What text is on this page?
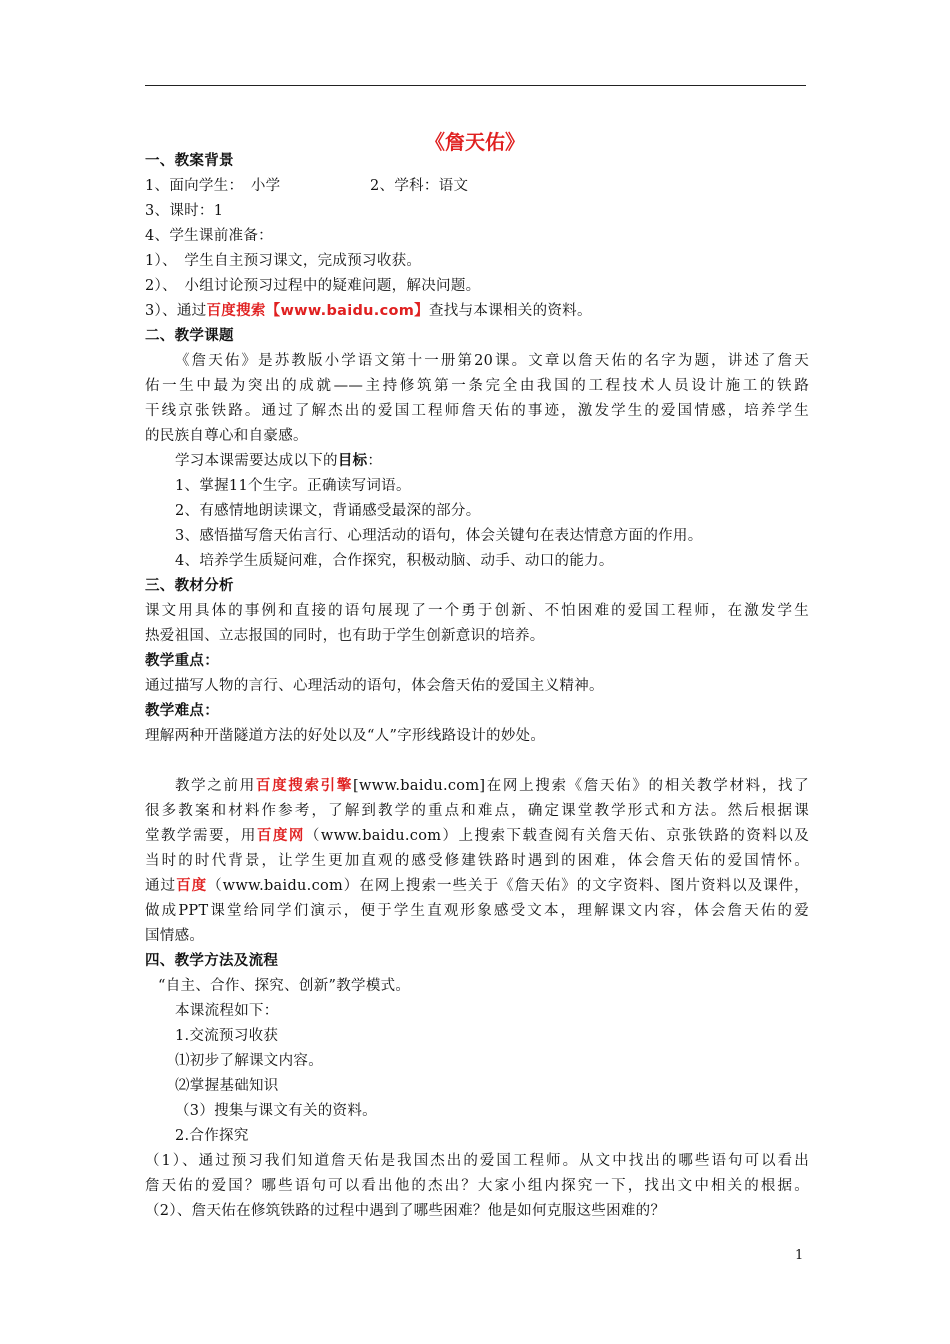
《詹天佑》
一、教案背景
1、面向学生：　小学	2、学科：语文
3、课时：1
4、学生课前准备：
1）、　学生自主预习课文，完成预习收获。
2）、　小组讨论预习过程中的疑难问题，解决问题。
3）、通过百度搜索【www.baidu.com】查找与本课相关的资料。
二、教学课题
《詹天佑》是苏教版小学语文第十一册第20课。文章以詹天佑的名字为题，讲述了詹天
佑一生中最为突出的成就——主持修筑第一条完全由我国的工程技术人员设计施工的铁路
干线京张铁路。通过了解杰出的爱国工程师詹天佑的事迹，激发学生的爱国情感，培养学生
的民族自尊心和自豪感。
学习本课需要达成以下的目标：
1、掌握11个生字。正确读写词语。
2、有感情地朗读课文，背诵感受最深的部分。
3、感悟描写詹天佑言行、心理活动的语句，体会关键句在表达情意方面的作用。
4、培养学生质疑问难，合作探究，积极动脑、动手、动口的能力。
三、教材分析
课文用具体的事例和直接的语句展现了一个勇于创新、不怕困难的爱国工程师，在激发学生
热爱祖国、立志报国的同时，也有助于学生创新意识的培养。
教学重点：
通过描写人物的言行、心理活动的语句，体会詹天佑的爱国主义精神。
教学难点：
理解两种开凿隧道方法的好处以及“人”字形线路设计的妙处。
教学之前用百度搜索引擎[www.baidu.com]在网上搜索《詹天佑》的相关教学材料，找了
很多教案和材料作参考，了解到教学的重点和难点，确定课堂教学形式和方法。然后根据课
堂教学需要，用百度网（www.baidu.com）上搜索下载查阅有关詹天佑、京张铁路的资料以及
当时的时代背景，让学生更加直观的感受修建铁路时遇到的困难，体会詹天佑的爱国情怀。
通过百度（www.baidu.com）在网上搜索一些关于《詹天佑》的文字资料、图片资料以及课件，
做成PPT课堂给同学们演示，便于学生直观形象感受文本，理解课文内容，体会詹天佑的爱
国情感。
四、教学方法及流程
“自主、合作、探究、创新”教学模式。
本课流程如下：
1.交流预习收获
⑴初步了解课文内容。
⑵掌握基础知识
（3）搜集与课文有关的资料。
2.合作探究
（1）、通过预习我们知道詹天佑是我国杰出的爱国工程师。从文中找出的哪些语句可以看出
詹天佑的爱国？哪些语句可以看出他的杰出？大家小组内探究一下，找出文中相关的根据。
（2）、詹天佑在修筑铁路的过程中遇到了哪些困难？他是如何克服这些困难的？
1
